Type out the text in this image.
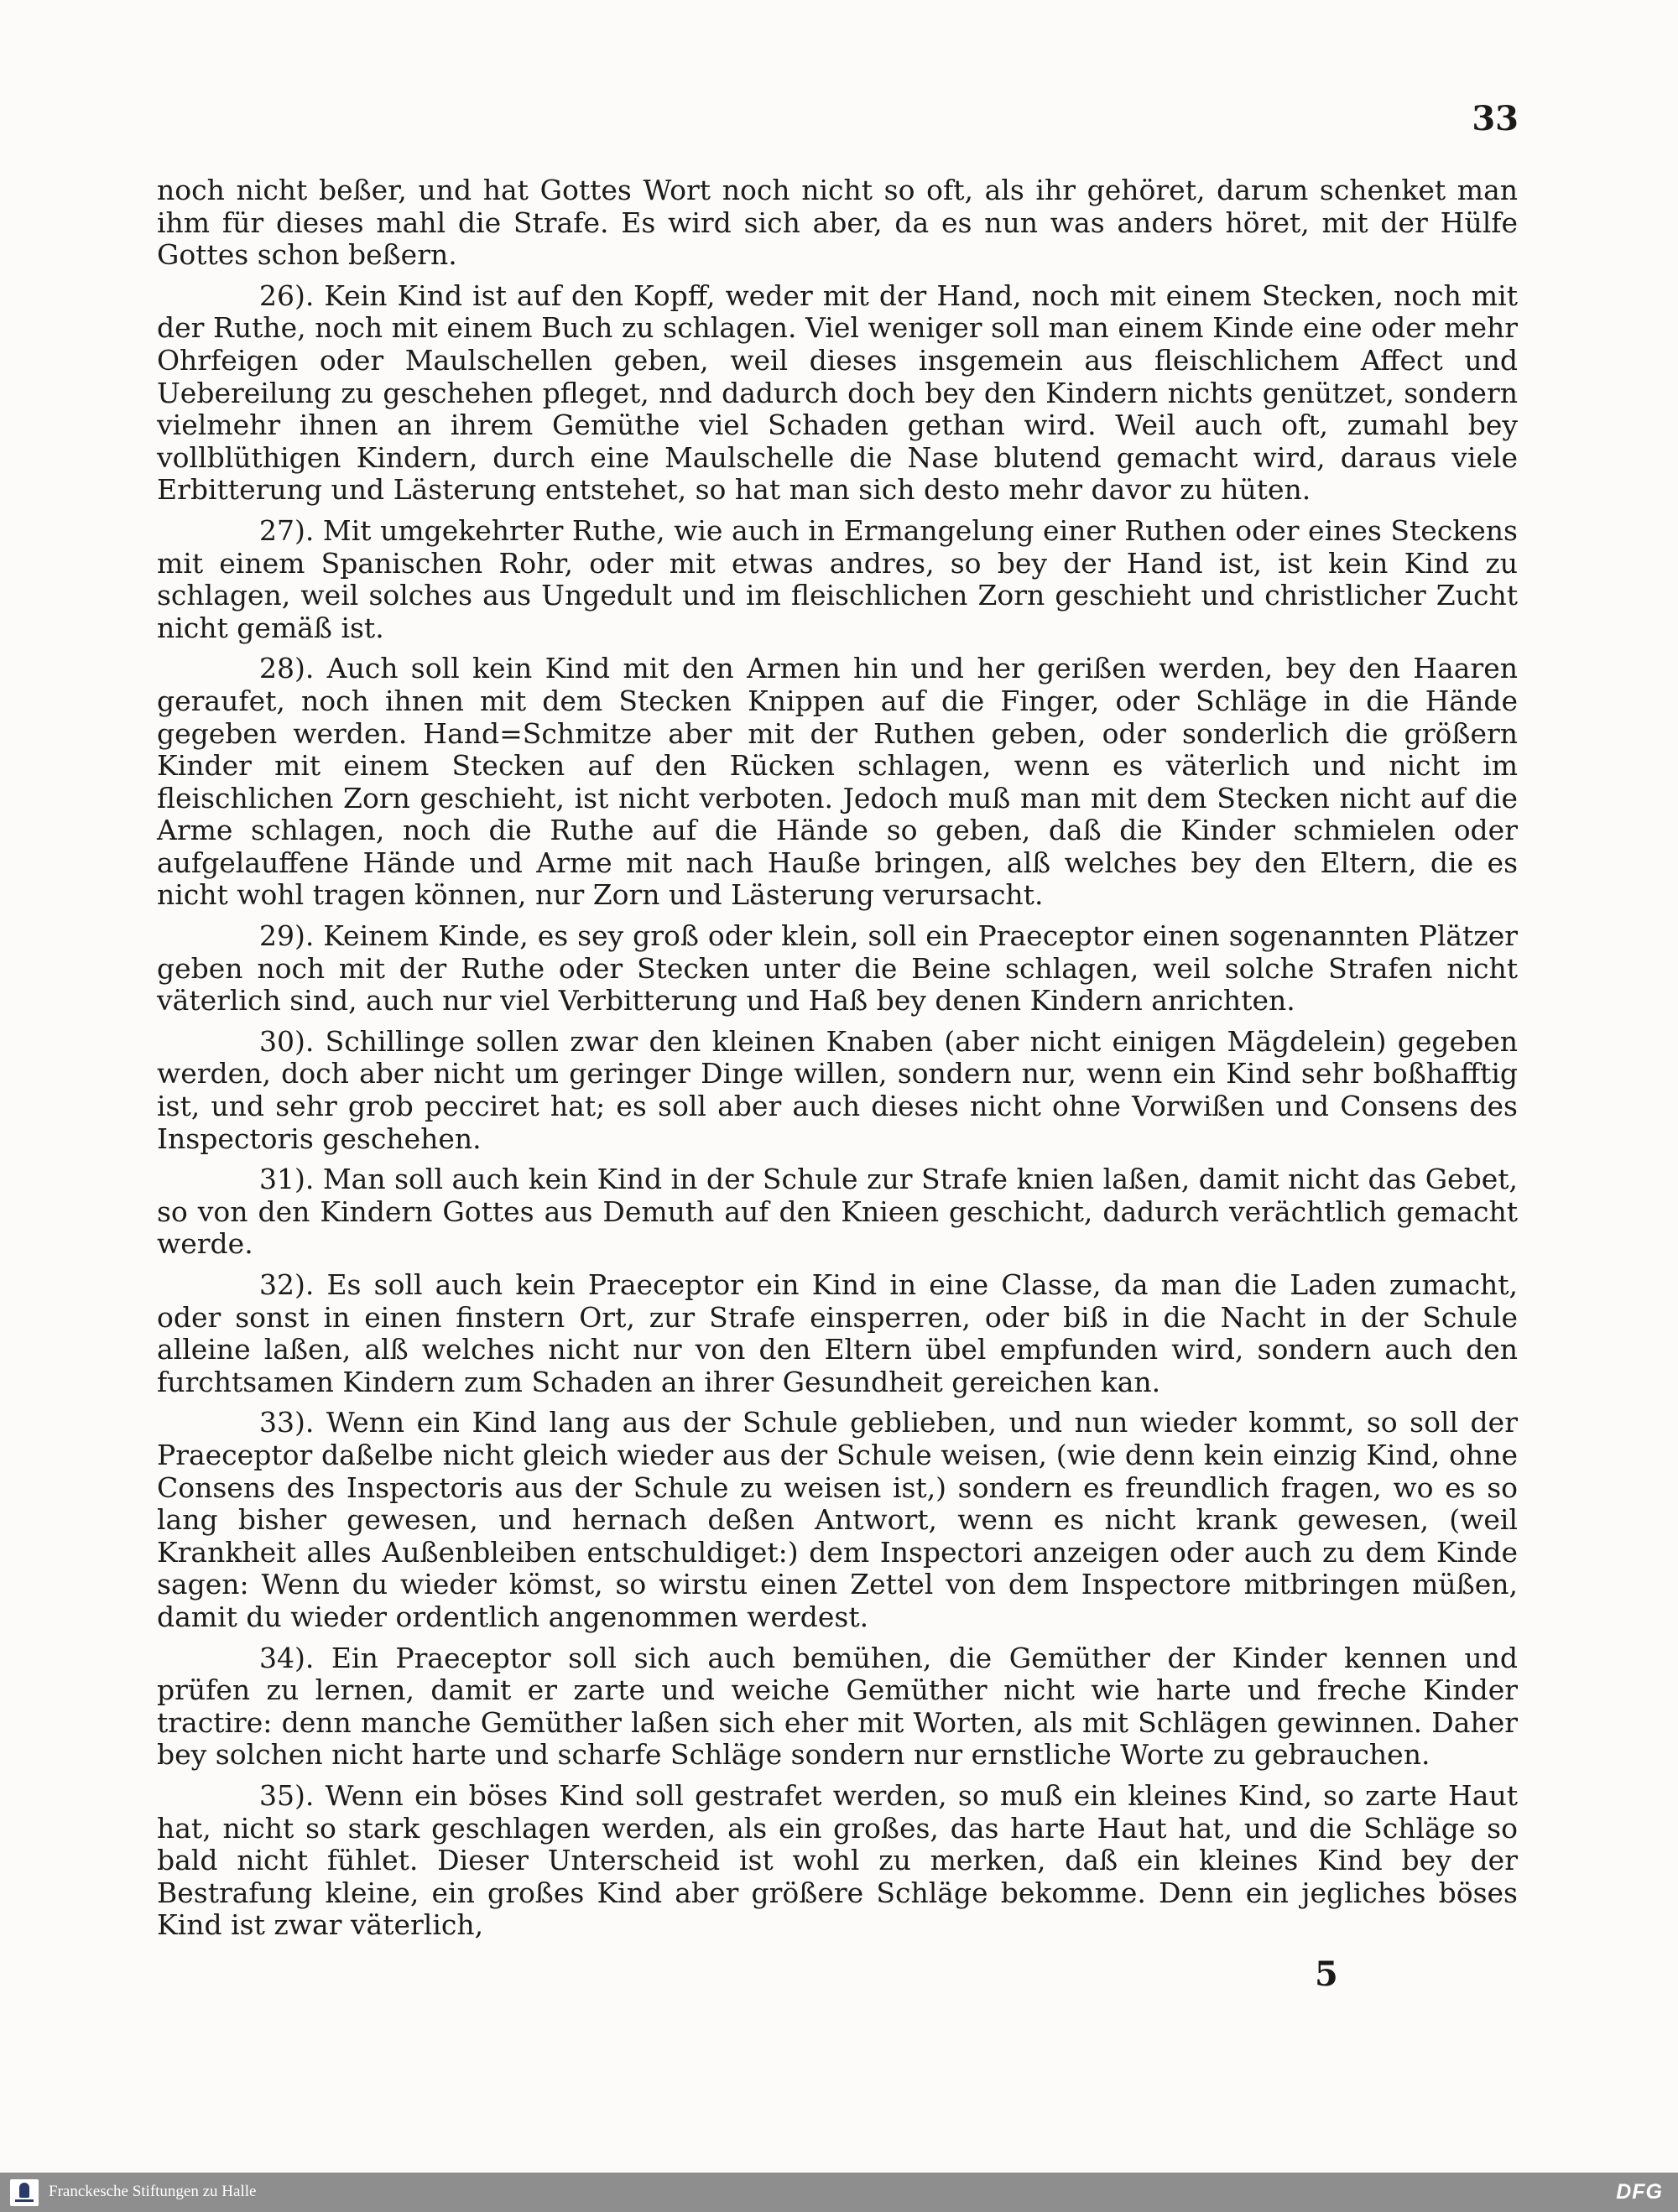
33

noch nicht beßer, und hat Gottes Wort noch nicht so oft, als ihr gehöret, darum schenket man ihm für dieses mahl die Strafe. Es wird sich aber, da es nun was anders höret, mit der Hülfe Gottes schon beßern.

26). Kein Kind ist auf den Kopff, weder mit der Hand, noch mit einem Stecken, noch mit der Ruthe, noch mit einem Buch zu schlagen. Viel weniger soll man einem Kinde eine oder mehr Ohrfeigen oder Maulschellen geben, weil dieses insgemein aus fleischlichem Affect und Uebereilung zu geschehen pfleget, nnd dadurch doch bey den Kindern nichts genützet, sondern vielmehr ihnen an ihrem Gemüthe viel Schaden gethan wird. Weil auch oft, zumahl bey vollblüthigen Kindern, durch eine Maulschelle die Nase blutend gemacht wird, daraus viele Erbitterung und Lästerung entstehet, so hat man sich desto mehr davor zu hüten.

27). Mit umgekehrter Ruthe, wie auch in Ermangelung einer Ruthen oder eines Steckens mit einem Spanischen Rohr, oder mit etwas andres, so bey der Hand ist, ist kein Kind zu schlagen, weil solches aus Ungedult und im fleischlichen Zorn geschieht und christlicher Zucht nicht gemäß ist.

28). Auch soll kein Kind mit den Armen hin und her gerißen werden, bey den Haaren geraufet, noch ihnen mit dem Stecken Knippen auf die Finger, oder Schläge in die Hände gegeben werden. Hand=Schmitze aber mit der Ruthen geben, oder sonderlich die größern Kinder mit einem Stecken auf den Rücken schlagen, wenn es väterlich und nicht im fleischlichen Zorn geschieht, ist nicht verboten. Jedoch muß man mit dem Stecken nicht auf die Arme schlagen, noch die Ruthe auf die Hände so geben, daß die Kinder schmielen oder aufgelauffene Hände und Arme mit nach Hauße bringen, alß welches bey den Eltern, die es nicht wohl tragen können, nur Zorn und Lästerung verursacht.

29). Keinem Kinde, es sey groß oder klein, soll ein Praeceptor einen sogenannten Plätzer geben noch mit der Ruthe oder Stecken unter die Beine schlagen, weil solche Strafen nicht väterlich sind, auch nur viel Verbitterung und Haß bey denen Kindern anrichten.

30). Schillinge sollen zwar den kleinen Knaben (aber nicht einigen Mägdelein) gegeben werden, doch aber nicht um geringer Dinge willen, sondern nur, wenn ein Kind sehr boßhafftig ist, und sehr grob pecciret hat; es soll aber auch dieses nicht ohne Vorwißen und Consens des Inspectoris geschehen.

31). Man soll auch kein Kind in der Schule zur Strafe knien laßen, damit nicht das Gebet, so von den Kindern Gottes aus Demuth auf den Knieen geschicht, dadurch verächtlich gemacht werde.

32). Es soll auch kein Praeceptor ein Kind in eine Classe, da man die Laden zumacht, oder sonst in einen finstern Ort, zur Strafe einsperren, oder biß in die Nacht in der Schule alleine laßen, alß welches nicht nur von den Eltern übel empfunden wird, sondern auch den furchtsamen Kindern zum Schaden an ihrer Gesundheit gereichen kan.

33). Wenn ein Kind lang aus der Schule geblieben, und nun wieder kommt, so soll der Praeceptor daßelbe nicht gleich wieder aus der Schule weisen, (wie denn kein einzig Kind, ohne Consens des Inspectoris aus der Schule zu weisen ist,) sondern es freundlich fragen, wo es so lang bisher gewesen, und hernach deßen Antwort, wenn es nicht krank gewesen, (weil Krankheit alles Außenbleiben entschuldiget:) dem Inspectori anzeigen oder auch zu dem Kinde sagen: Wenn du wieder kömst, so wirstu einen Zettel von dem Inspectore mitbringen müßen, damit du wieder ordentlich angenommen werdest.

34). Ein Praeceptor soll sich auch bemühen, die Gemüther der Kinder kennen und prüfen zu lernen, damit er zarte und weiche Gemüther nicht wie harte und freche Kinder tractire: denn manche Gemüther laßen sich eher mit Worten, als mit Schlägen gewinnen. Daher bey solchen nicht harte und scharfe Schläge sondern nur ernstliche Worte zu gebrauchen.

35). Wenn ein böses Kind soll gestrafet werden, so muß ein kleines Kind, so zarte Haut hat, nicht so stark geschlagen werden, als ein großes, das harte Haut hat, und die Schläge so bald nicht fühlet. Dieser Unterscheid ist wohl zu merken, daß ein kleines Kind bey der Bestrafung kleine, ein großes Kind aber größere Schläge bekomme. Denn ein jegliches böses Kind ist zwar väterlich,

5
Franckesche Stiftungen zu Halle	DFG
